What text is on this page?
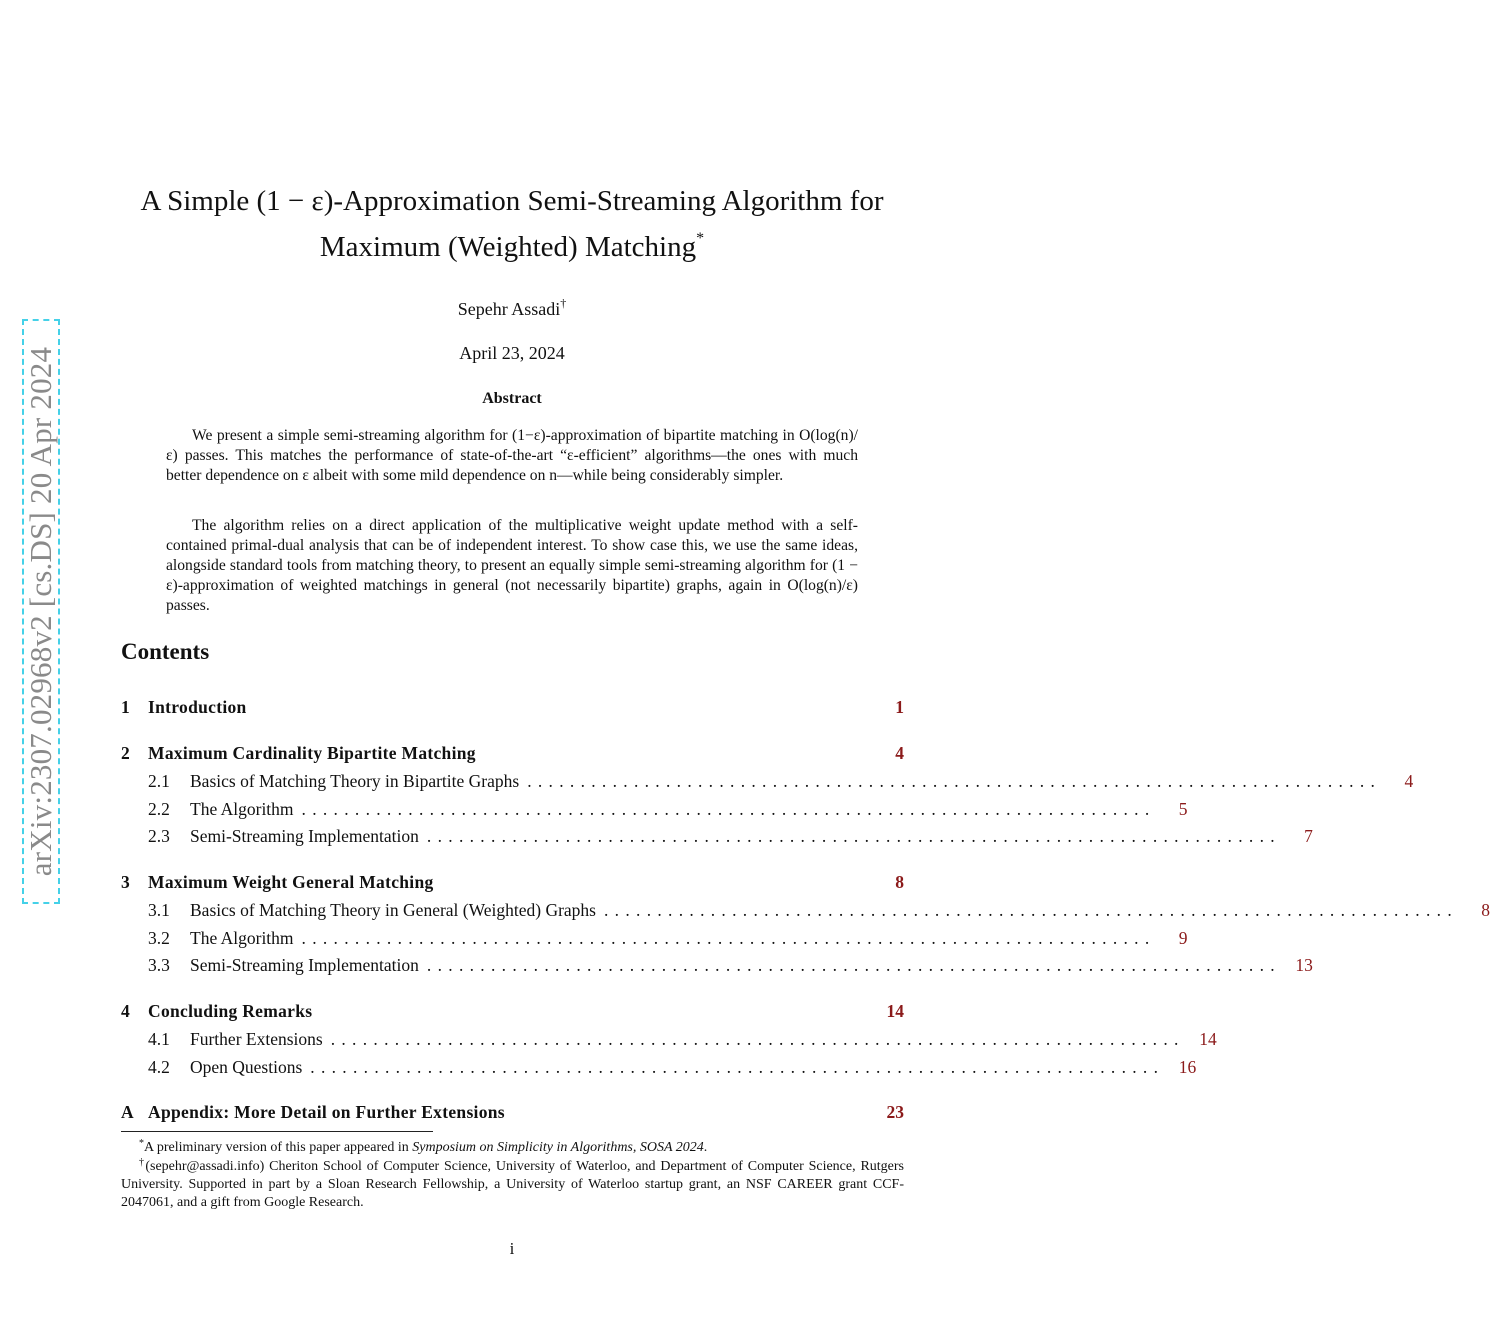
arXiv:2307.02968v2 [cs.DS] 20 Apr 2024
A Simple (1 − ε)-Approximation Semi-Streaming Algorithm for
Maximum (Weighted) Matching*
Sepehr Assadi†
April 23, 2024
Abstract

We present a simple semi-streaming algorithm for (1−ε)-approximation of bipartite matching in O(log(n)/ε) passes. This matches the performance of state-of-the-art “ε-efficient” algorithms—the ones with much better dependence on ε albeit with some mild dependence on n—while being considerably simpler.

The algorithm relies on a direct application of the multiplicative weight update method with a self-contained primal-dual analysis that can be of independent interest. To show case this, we use the same ideas, alongside standard tools from matching theory, to present an equally simple semi-streaming algorithm for (1 − ε)-approximation of weighted matchings in general (not necessarily bipartite) graphs, again in O(log(n)/ε) passes.

Contents
1	Introduction	1
2	Maximum Cardinality Bipartite Matching	4
2.1	Basics of Matching Theory in Bipartite Graphs ................................................................................	4
2.2	The Algorithm ................................................................................	5
2.3	Semi-Streaming Implementation ................................................................................	7
3	Maximum Weight General Matching	8
3.1	Basics of Matching Theory in General (Weighted) Graphs ................................................................................	8
3.2	The Algorithm ................................................................................	9
3.3	Semi-Streaming Implementation ................................................................................ 13
4	Concluding Remarks	14
4.1	Further Extensions ................................................................................ 14
4.2	Open Questions ................................................................................ 16
A Appendix: More Detail on Further Extensions	23
*A preliminary version of this paper appeared in Symposium on Simplicity in Algorithms, SOSA 2024.
†(sepehr@assadi.info) Cheriton School of Computer Science, University of Waterloo, and Department of Computer Science, Rutgers University. Supported in part by a Sloan Research Fellowship, a University of Waterloo startup grant, an NSF CAREER grant CCF-2047061, and a gift from Google Research.
i
